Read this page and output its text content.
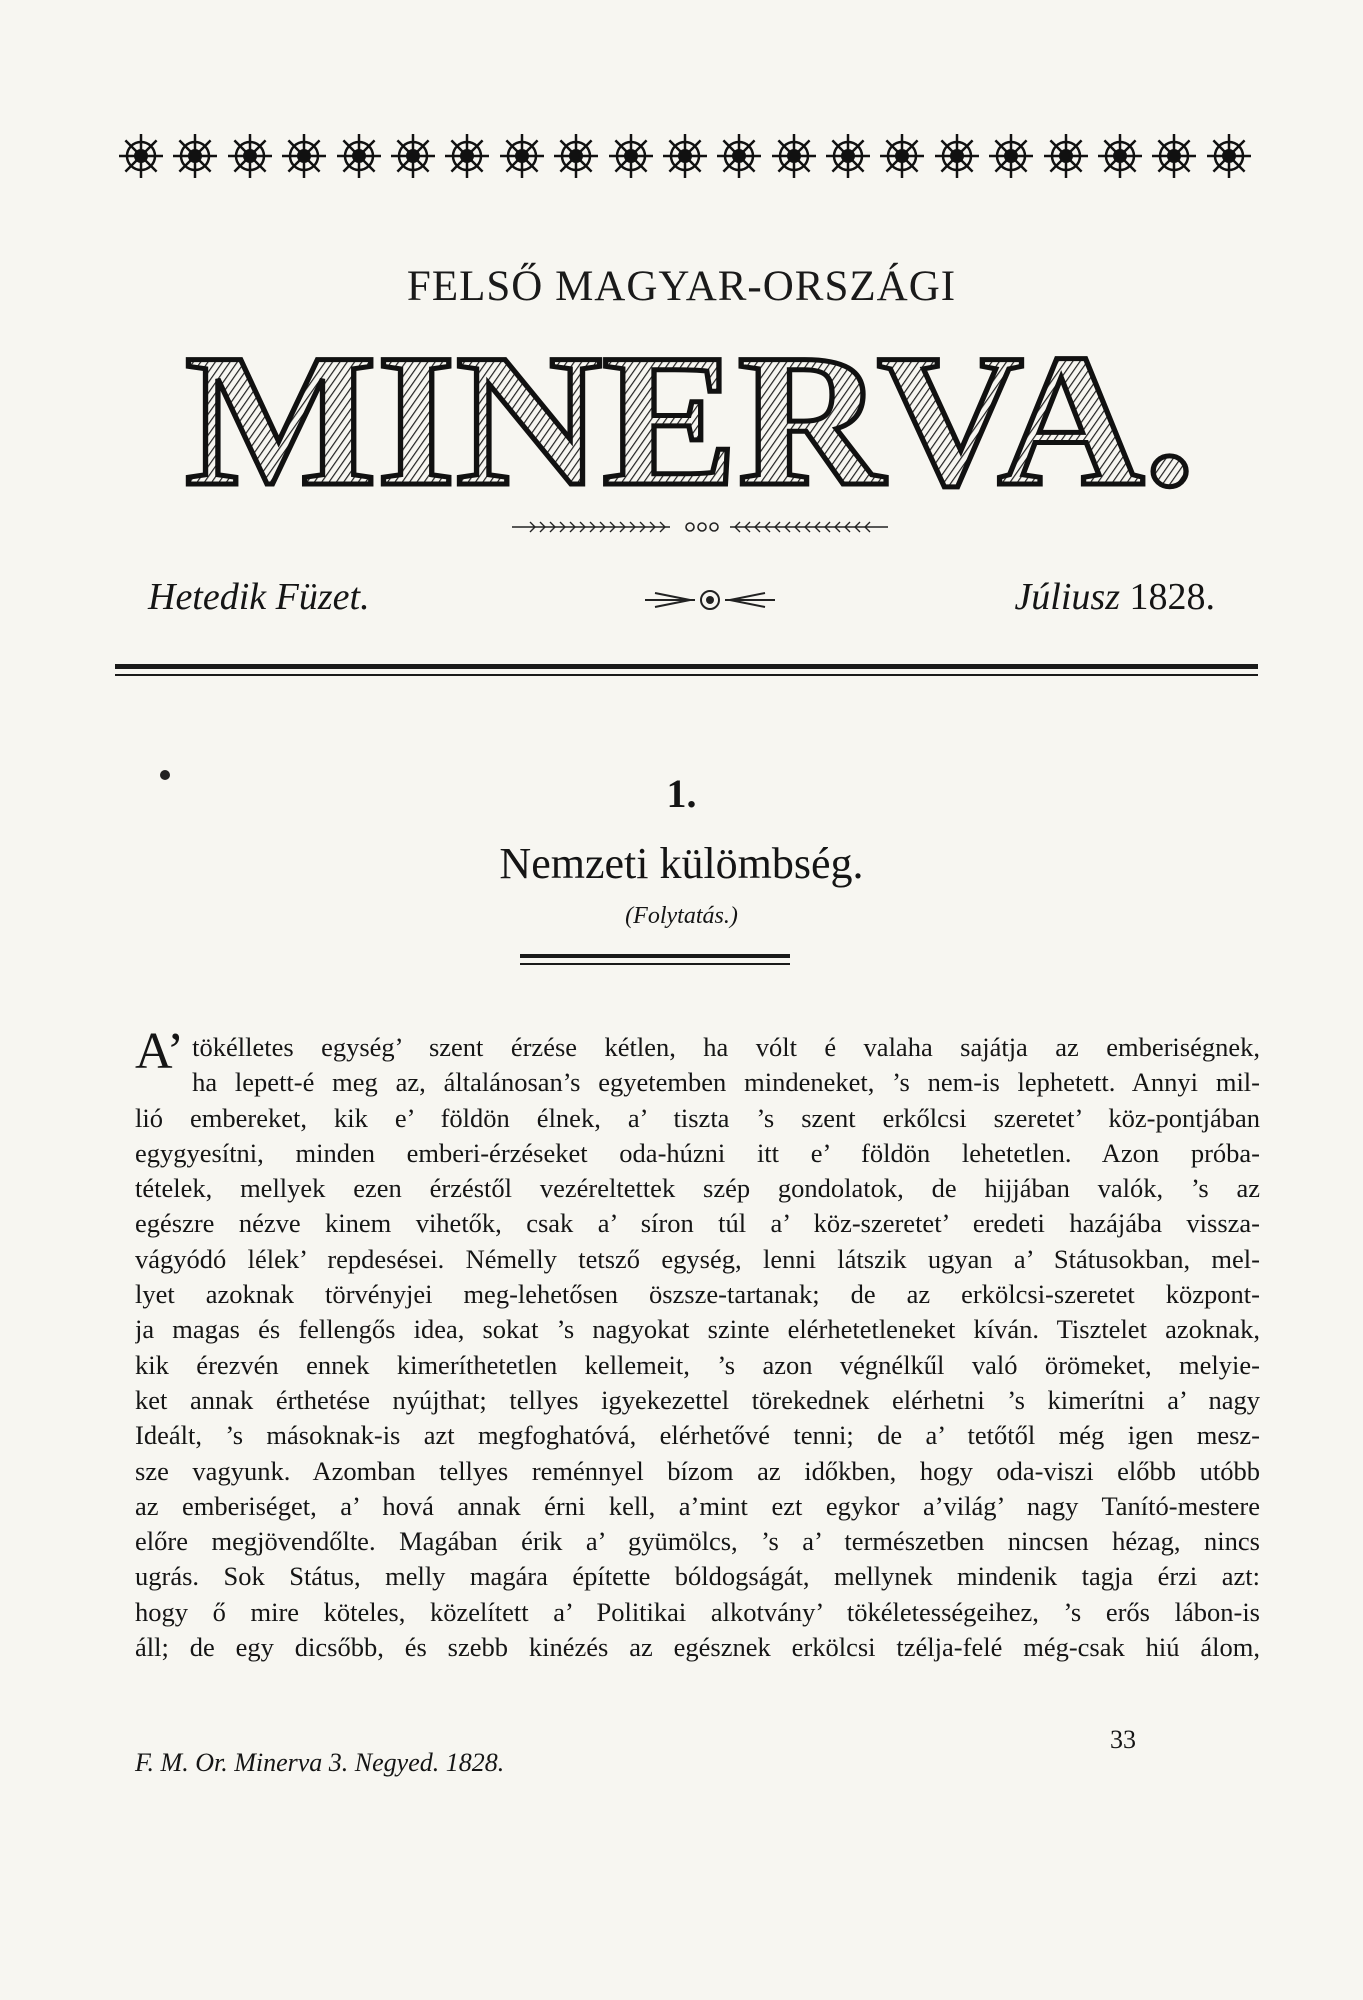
FELSŐ MAGYAR-ORSZÁGI
MINERVA.
Hetedik Füzet.	Júliusz 1828.
1.
Nemzeti külömbség.
(Folytatás.)
A’ tökélletes egység’ szent érzése kétlen, ha vólt é valaha sajátja az emberiségnek,
ha lepett-é meg az, általánosan’s egyetemben mindeneket, ’s nem-is lephetett. Annyi mil-
lió embereket, kik e’ földön élnek, a’ tiszta ’s szent erkőlcsi szeretet’ köz-pontjában
egygyesítni, minden emberi-érzéseket oda-húzni itt e’ földön lehetetlen. Azon próba-
tételek, mellyek ezen érzéstől vezéreltettek szép gondolatok, de hijjában valók, ’s az
egészre nézve kinem vihetők, csak a’ síron túl a’ köz-szeretet’ eredeti hazájába vissza-
vágyódó lélek’ repdesései. Némelly tetsző egység, lenni látszik ugyan a’ Státusokban, mel-
lyet azoknak törvényjei meg-lehetősen öszsze-tartanak; de az erkölcsi-szeretet központ-
ja magas és fellengős idea, sokat ’s nagyokat szinte elérhetetleneket kíván. Tisztelet azoknak,
kik érezvén ennek kimeríthetetlen kellemeit, ’s azon végnélkűl való örömeket, melyie-
ket annak érthetése nyújthat; tellyes igyekezettel törekednek elérhetni ’s kimerítni a’ nagy
Ideált, ’s másoknak-is azt megfoghatóvá, elérhetővé tenni; de a’ tetőtől még igen mesz-
sze vagyunk. Azomban tellyes reménnyel bízom az időkben, hogy oda-viszi előbb utóbb
az emberiséget, a’ hová annak érni kell, a’mint ezt egykor a’világ’ nagy Tanító-mestere
előre megjövendőlte. Magában érik a’ gyümölcs, ’s a’ természetben nincsen hézag, nincs
ugrás. Sok Státus, melly magára építette bóldogságát, mellynek mindenik tagja érzi azt:
hogy ő mire köteles, közelített a’ Politikai alkotvány’ tökéletességeihez, ’s erős lábon-is
áll; de egy dicsőbb, és szebb kinézés az egésznek erkölcsi tzélja-felé még-csak hiú álom,
33
F. M. Or. Minerva 3. Negyed. 1828.
